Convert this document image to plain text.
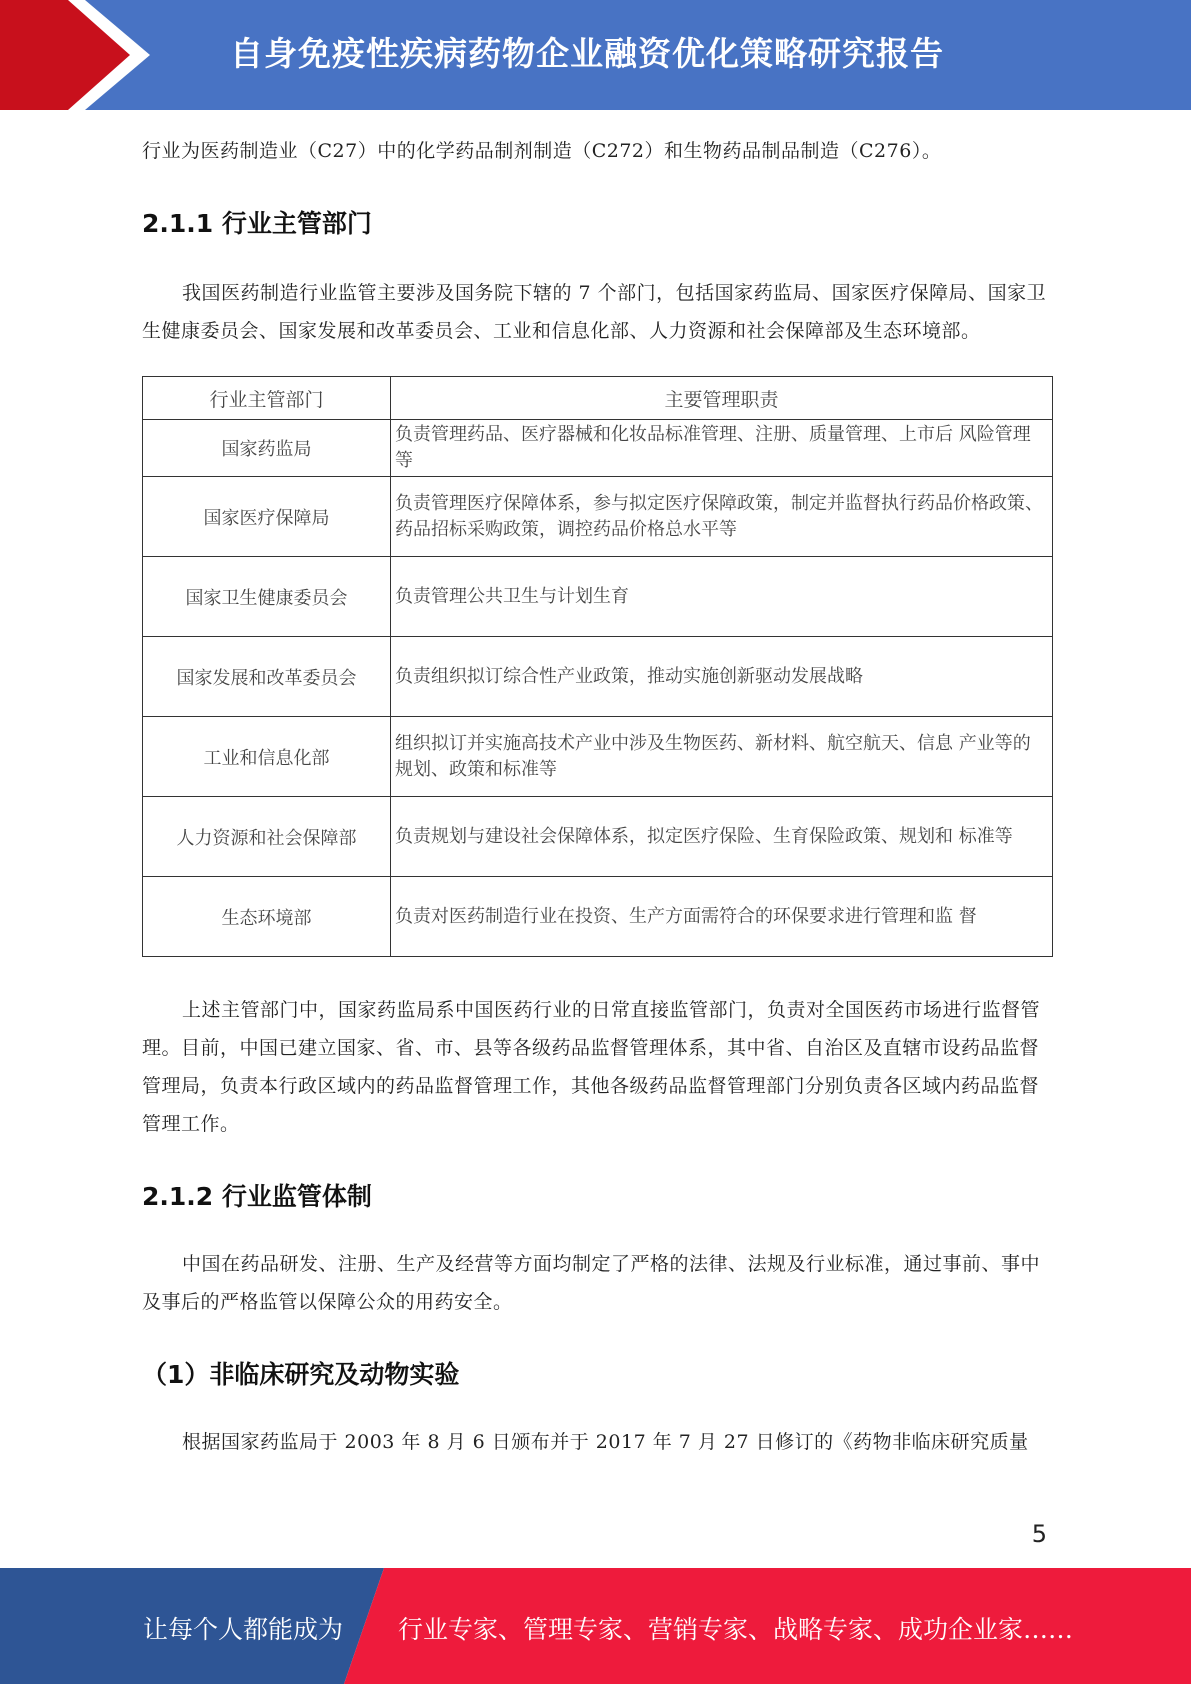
自身免疫性疾病药物企业融资优化策略研究报告

行业为医药制造业（C27）中的化学药品制剂制造（C272）和生物药品制品制造（C276）。

2.1.1 行业主管部门

我国医药制造行业监管主要涉及国务院下辖的 7 个部门，包括国家药监局、国家医疗保障局、国家卫生健康委员会、国家发展和改革委员会、工业和信息化部、人力资源和社会保障部及生态环境部。

行业主管部门	主要管理职责
国家药监局	负责管理药品、医疗器械和化妆品标准管理、注册、质量管理、上市后 风险管理等
国家医疗保障局	负责管理医疗保障体系，参与拟定医疗保障政策，制定并监督执行药品价格政策、药品招标采购政策，调控药品价格总水平等
国家卫生健康委员会	负责管理公共卫生与计划生育
国家发展和改革委员会	负责组织拟订综合性产业政策，推动实施创新驱动发展战略
工业和信息化部	组织拟订并实施高技术产业中涉及生物医药、新材料、航空航天、信息 产业等的规划、政策和标准等
人力资源和社会保障部	负责规划与建设社会保障体系，拟定医疗保险、生育保险政策、规划和 标准等
生态环境部	负责对医药制造行业在投资、生产方面需符合的环保要求进行管理和监 督

上述主管部门中，国家药监局系中国医药行业的日常直接监管部门，负责对全国医药市场进行监督管理。目前，中国已建立国家、省、市、县等各级药品监督管理体系，其中省、自治区及直辖市设药品监督管理局，负责本行政区域内的药品监督管理工作，其他各级药品监督管理部门分别负责各区域内药品监督管理工作。

2.1.2 行业监管体制

中国在药品研发、注册、生产及经营等方面均制定了严格的法律、法规及行业标准，通过事前、事中及事后的严格监管以保障公众的用药安全。

（1）非临床研究及动物实验

根据国家药监局于 2003 年 8 月 6 日颁布并于 2017 年 7 月 27 日修订的《药物非临床研究质量

5
让每个人都能成为 行业专家、管理专家、营销专家、战略专家、成功企业家……
